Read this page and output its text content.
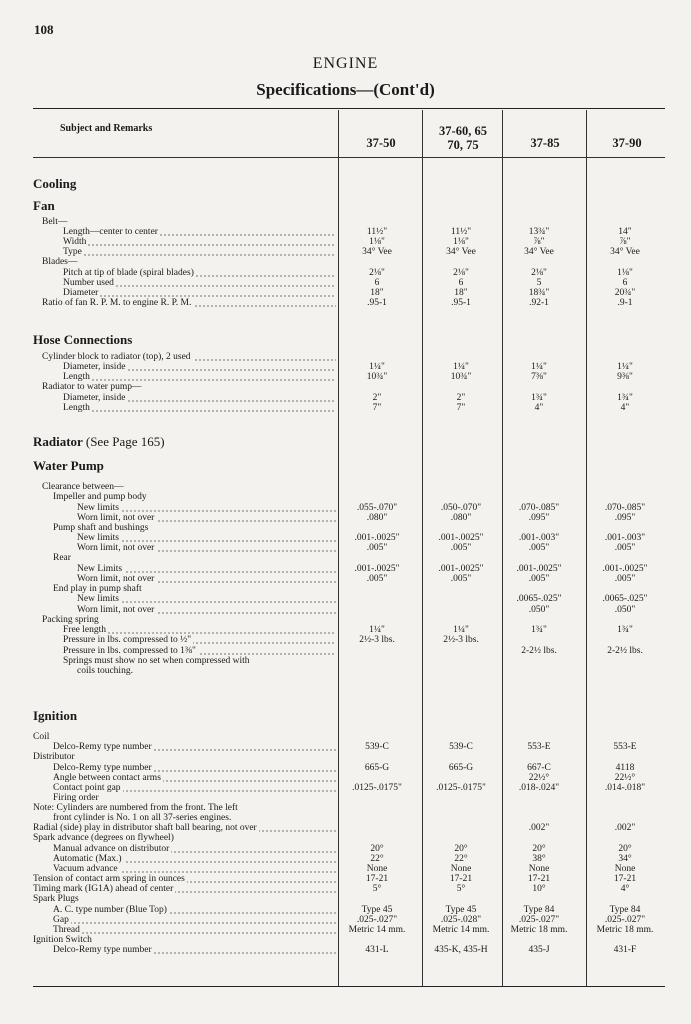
108
ENGINE
Specifications—(Cont'd)
Subject and Remarks
37-50
37-60, 65
70, 75	37-85	37-90
Cooling
Fan
Hose Connections
Radiator (See Page 165)
Water Pump
Ignition
Belt—
Length—center to center	11½"	11½"	13¾"	14"
Width	1⅛"	1⅛"	⅞"	⅞"
Type	34° Vee	34° Vee	34° Vee	34° Vee
Blades—
Pitch at tip of blade (spiral blades)	2⅛"	2⅛"	2⅛"	1⅛"
Number used	6	6	5	6
Diameter	18"	18"	18¾"	20¾"
Ratio of fan R. P. M. to engine R. P. M.	.95-1	.95-1	.92-1	.9-1
Cylinder block to radiator (top), 2 used
Diameter, inside	1¼"	1¼"	1¼"	1¼"
Length	10¾"	10¾"	7⅜"	9⅜"
Radiator to water pump—
Diameter, inside	2"	2"	1¾"	1¾"
Length	7"	7"	4"	4"
Clearance between—
Impeller and pump body
New limits	.055-.070"	.050-.070"	.070-.085"	.070-.085"
Worn limit, not over	.080"	.080"	.095"	.095"
Pump shaft and bushings
New limits	.001-.0025"	.001-.0025"	.001-.003"	.001-.003"
Worn limit, not over	.005"	.005"	.005"	.005"
Rear
New Limits	.001-.0025"	.001-.0025"	.001-.0025"	.001-.0025"
Worn limit, not over	.005"	.005"	.005"	.005"
End play in pump shaft
New limits	.0065-.025"	.0065-.025"
Worn limit, not over	.050"	.050"
Packing spring
Free length	1¼"	1¼"	1¾"	1¾"
Pressure in lbs. compressed to ½"	2½-3 lbs.	2½-3 lbs.
Pressure in lbs. compressed to 1⅜"	2-2½ lbs.	2-2½ lbs.
Springs must show no set when compressed with
coils touching.
Coil
Delco-Remy type number	539-C	539-C	553-E	553-E
Distributor
Delco-Remy type number	665-G	665-G	667-C	4118
Angle between contact arms	22½°	22½°
Contact point gap	.0125-.0175"	.0125-.0175"	.018-.024"	.014-.018"
Firing order
Note: Cylinders are numbered from the front. The left
front cylinder is No. 1 on all 37-series engines.
Radial (side) play in distributor shaft ball bearing, not over	.002"	.002"
Spark advance (degrees on flywheel)
Manual advance on distributor	20°	20°	20°	20°
Automatic (Max.)	22°	22°	38°	34°
Vacuum advance	None	None	None	None
Tension of contact arm spring in ounces	17-21	17-21	17-21	17-21
Timing mark (IG1A) ahead of center	5°	5°	10°	4°
Spark Plugs
A. C. type number (Blue Top)	Type 45	Type 45	Type 84	Type 84
Gap	.025-.027"	.025-.028"	.025-.027"	.025-.027"
Thread	Metric 14 mm.	Metric 14 mm.	Metric 18 mm.	Metric 18 mm.
Ignition Switch
Delco-Remy type number	431-L	435-K, 435-H	435-J	431-F
